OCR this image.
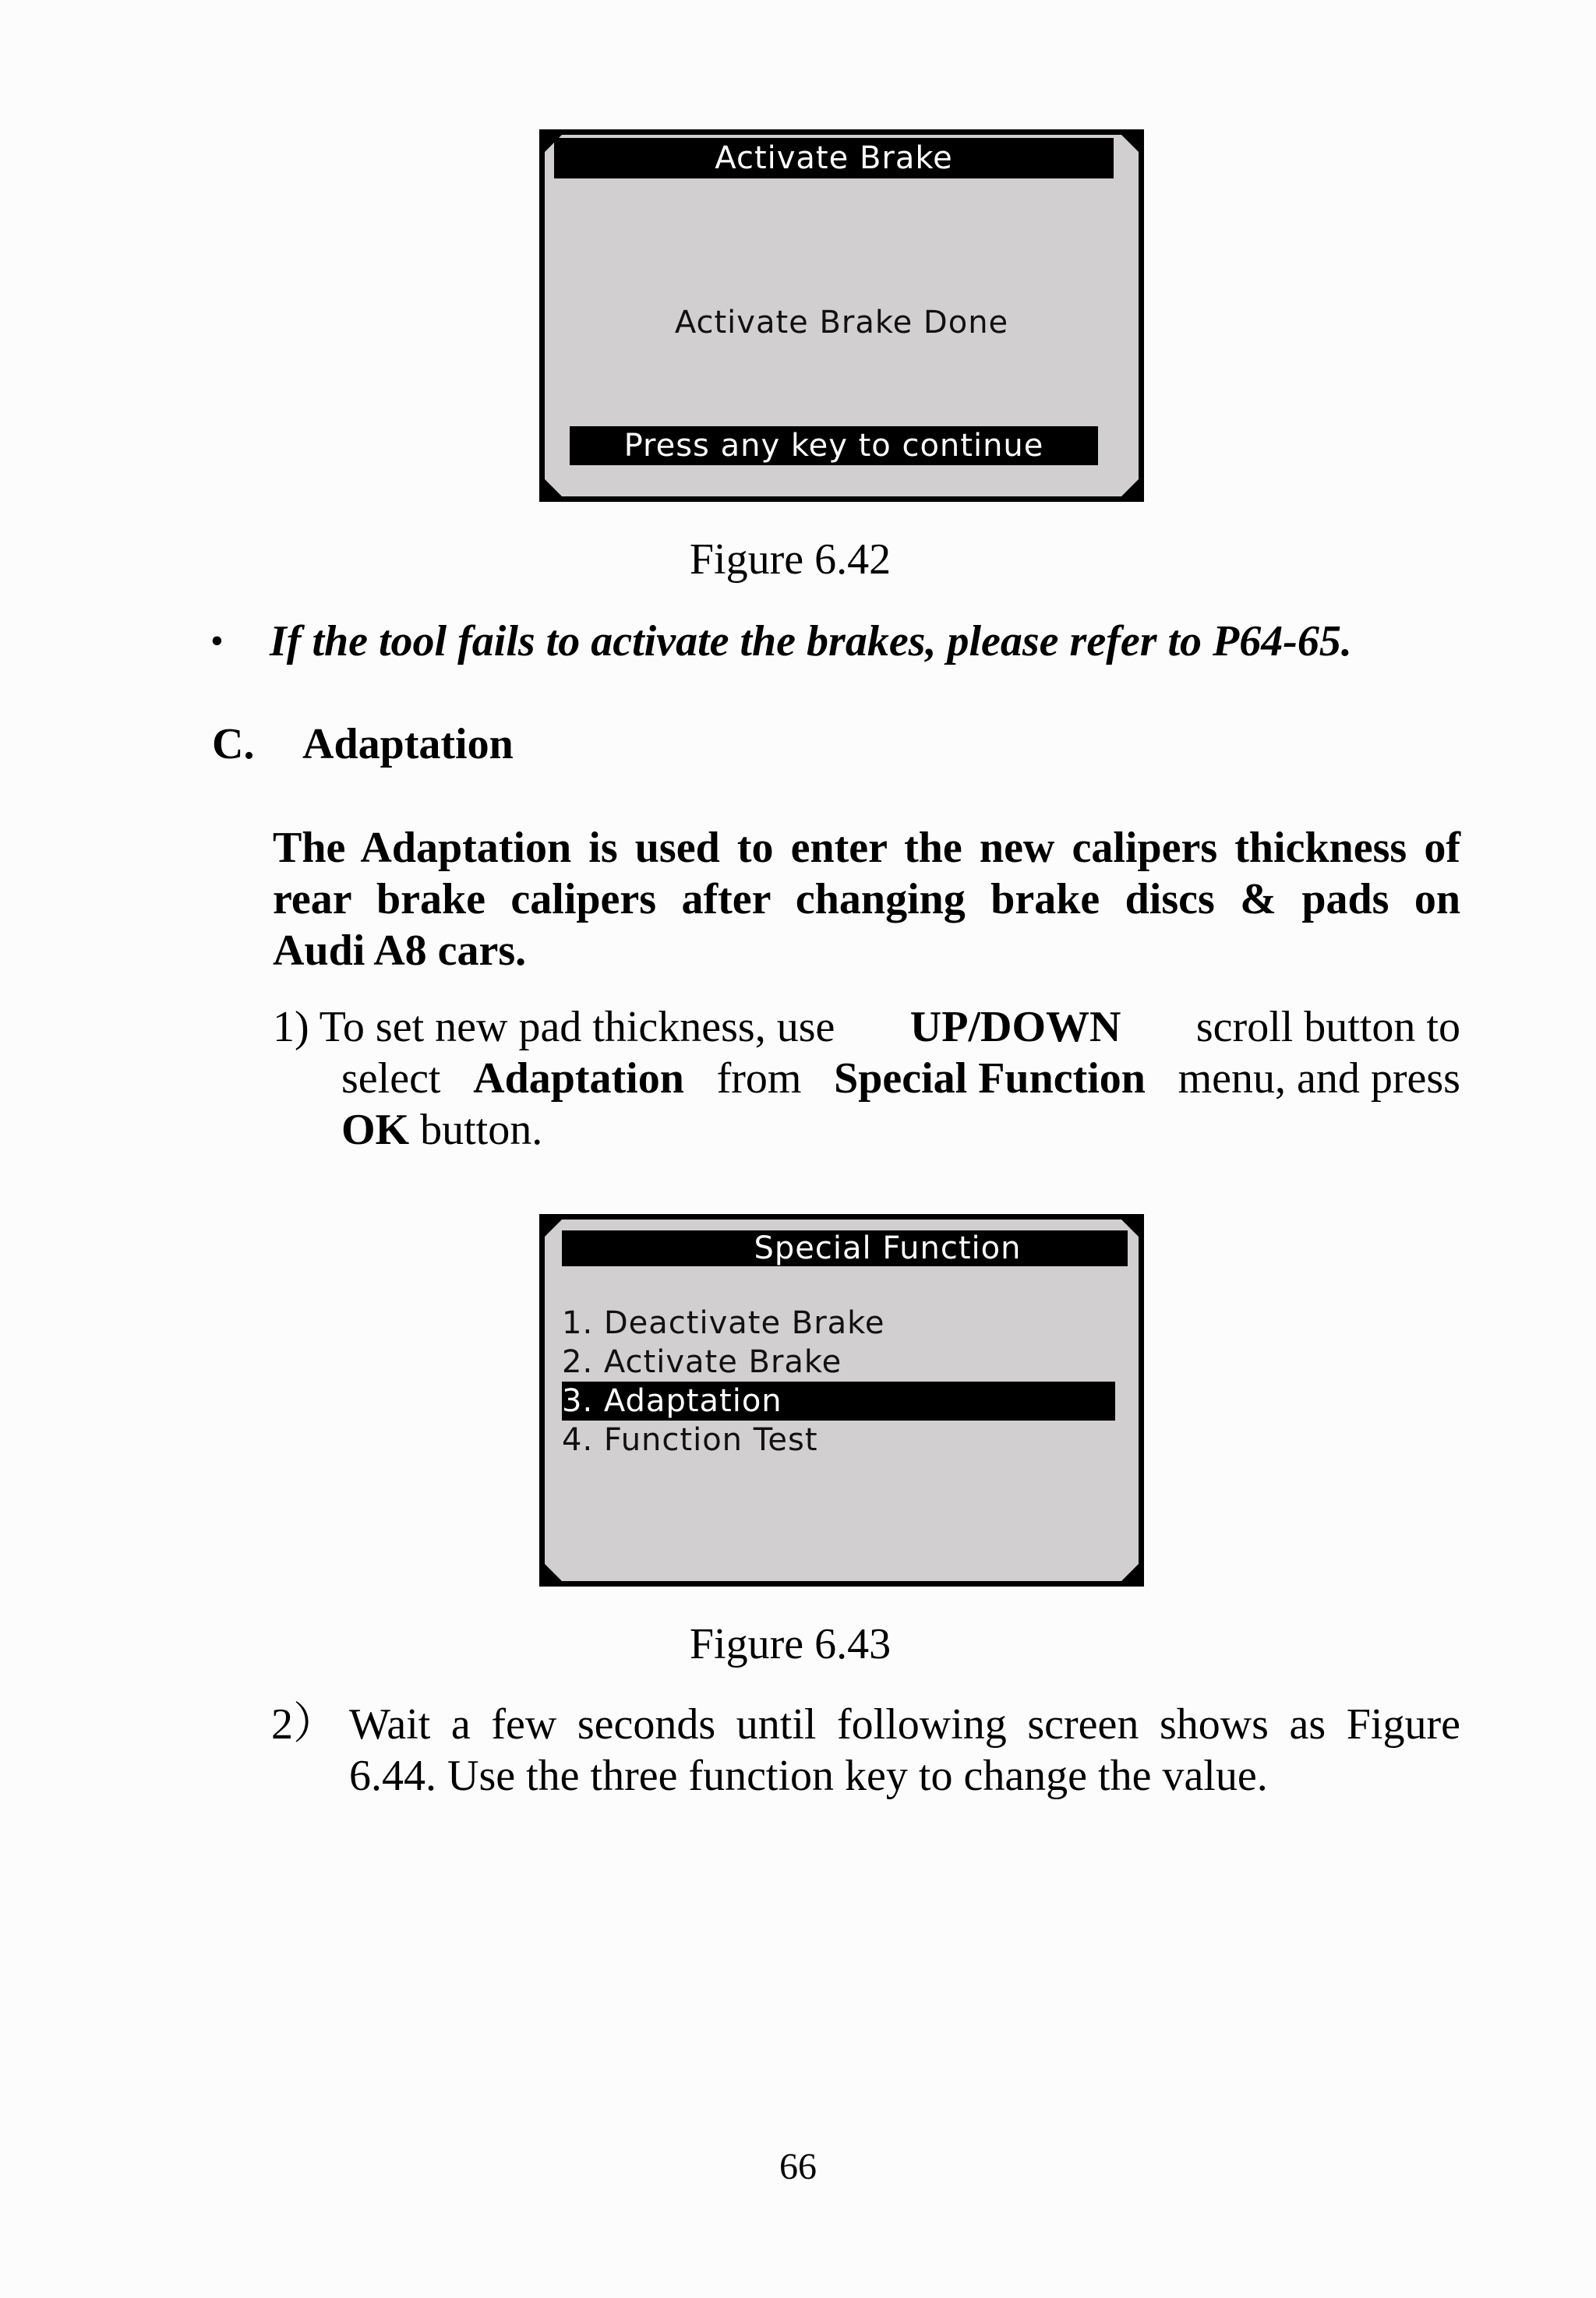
Activate Brake
Activate Brake Done
Press any key to continue
Figure 6.42
• If the tool fails to activate the brakes, please refer to P64-65.
C. Adaptation
The Adaptation is used to enter the new calipers thickness of
rear brake calipers after changing brake discs & pads on
Audi A8 cars.
1) To set new pad thickness, use UP/DOWN scroll button to
select Adaptation from Special Function menu, and press
OK button.
Special Function
1. Deactivate Brake
2. Activate Brake
3. Adaptation
4. Function Test
Figure 6.43
2） Wait a few seconds until following screen shows as Figure
6.44. Use the three function key to change the value.
66
